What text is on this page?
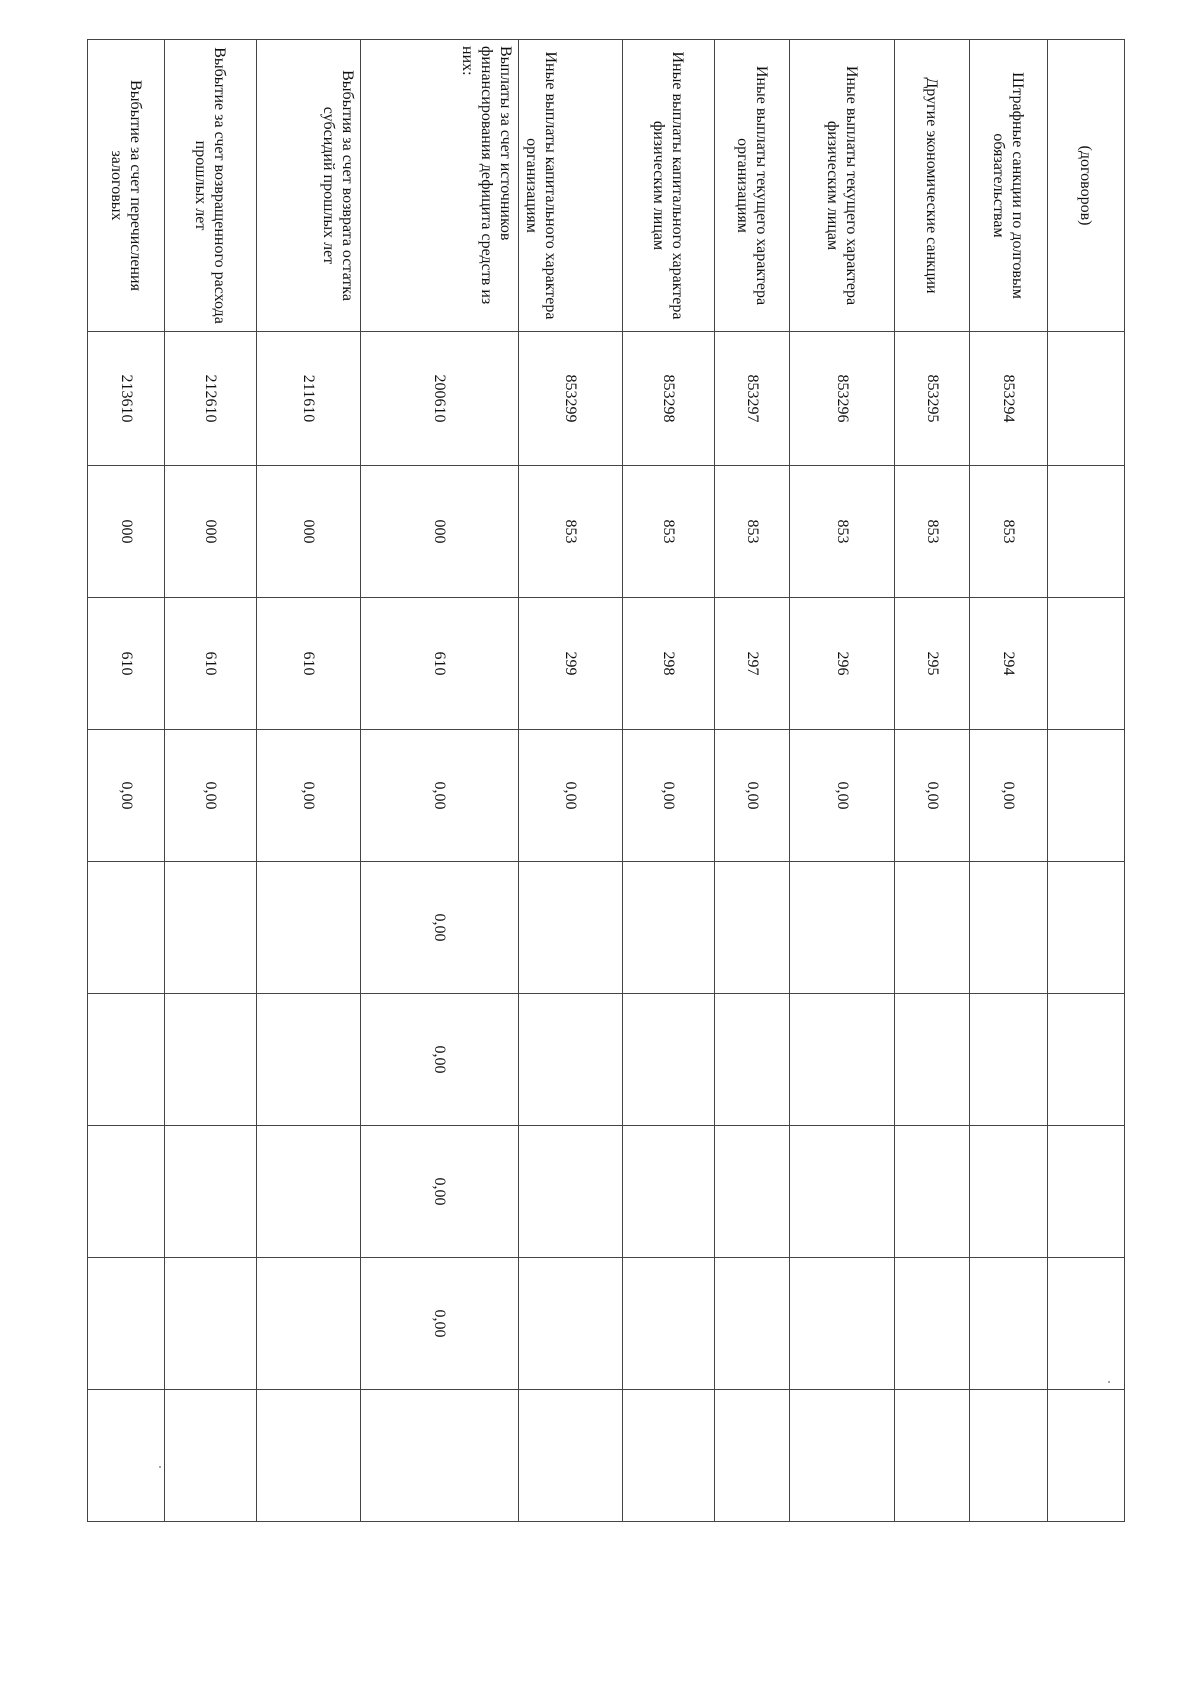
(договоров)									
Штрафные санкции по долговым обязательствам	853294	853	294	0,00					
Другие экономические санкции	853295	853	295	0,00					
Иные выплаты текущего характера физическим лицам	853296	853	296	0,00					
Иные выплаты текущего характера организациям	853297	853	297	0,00					
Иные выплаты капитального характера физическим лицам	853298	853	298	0,00					
Иные выплаты капитального характера организациям	853299	853	299	0,00					
Выплаты за счет источников финансирования дефицита средств из них:	200610	000	610	0,00	0,00	0,00	0,00	0,00	
Выбытия за счет возврата остатка субсидий прошлых лет	211610	000	610	0,00					
Выбытие за счет возвращенного расхода прошлых лет	212610	000	610	0,00					
Выбытие за счет перечисления залоговых	213610	000	610	0,00					
